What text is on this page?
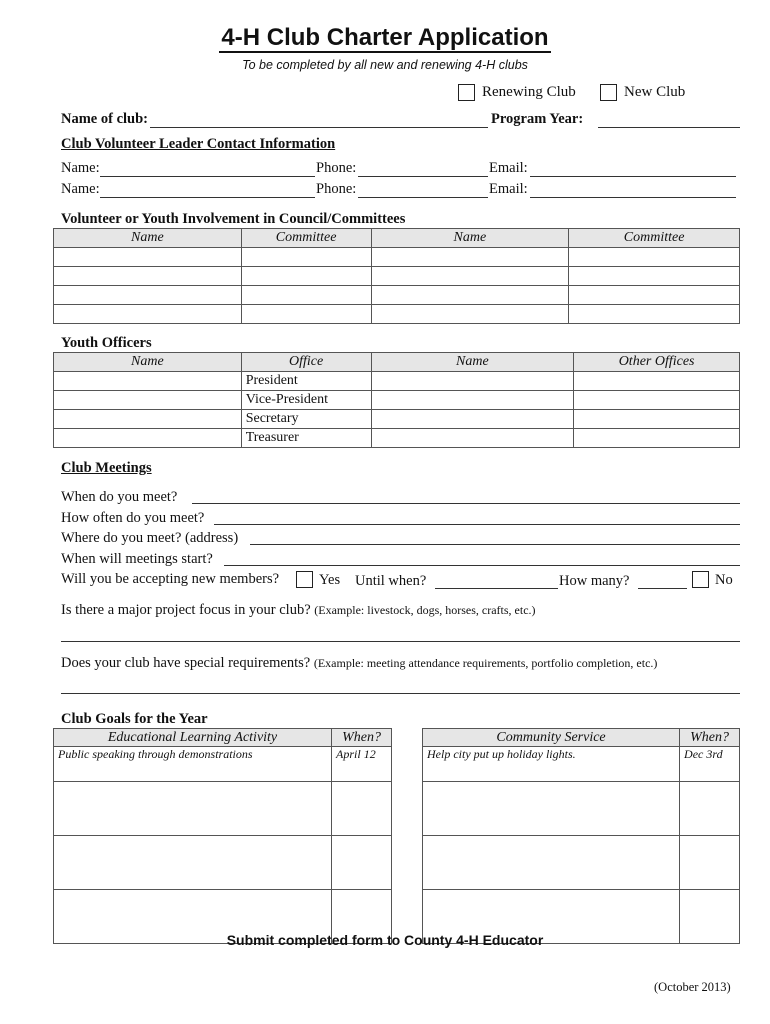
4-H Club Charter Application
To be completed by all new and renewing 4-H clubs
Renewing Club	New Club
Name of club:	Program Year:
Club Volunteer Leader Contact Information
Name:	Phone:	Email:
Name:	Phone:	Email:
Volunteer or Youth Involvement in Council/Committees
Name	Committee	Name	Committee

Youth Officers
Name	Office	Name	Other Offices
	President		
	Vice-President		
	Secretary		
	Treasurer		
Club Meetings
When do you meet?
How often do you meet?
Where do you meet? (address)
When will meetings start?
Will you be accepting new members?	Yes Until when?	How many?	No
Is there a major project focus in your club? (Example: livestock, dogs, horses, crafts, etc.)
Does your club have special requirements? (Example: meeting attendance requirements, portfolio completion, etc.)
Club Goals for the Year
Educational Learning Activity	When?
Public speaking through demonstrations	April 12

Community Service	When?
Help city put up holiday lights.	Dec 3rd

Submit completed form to County 4-H Educator
(October 2013)
